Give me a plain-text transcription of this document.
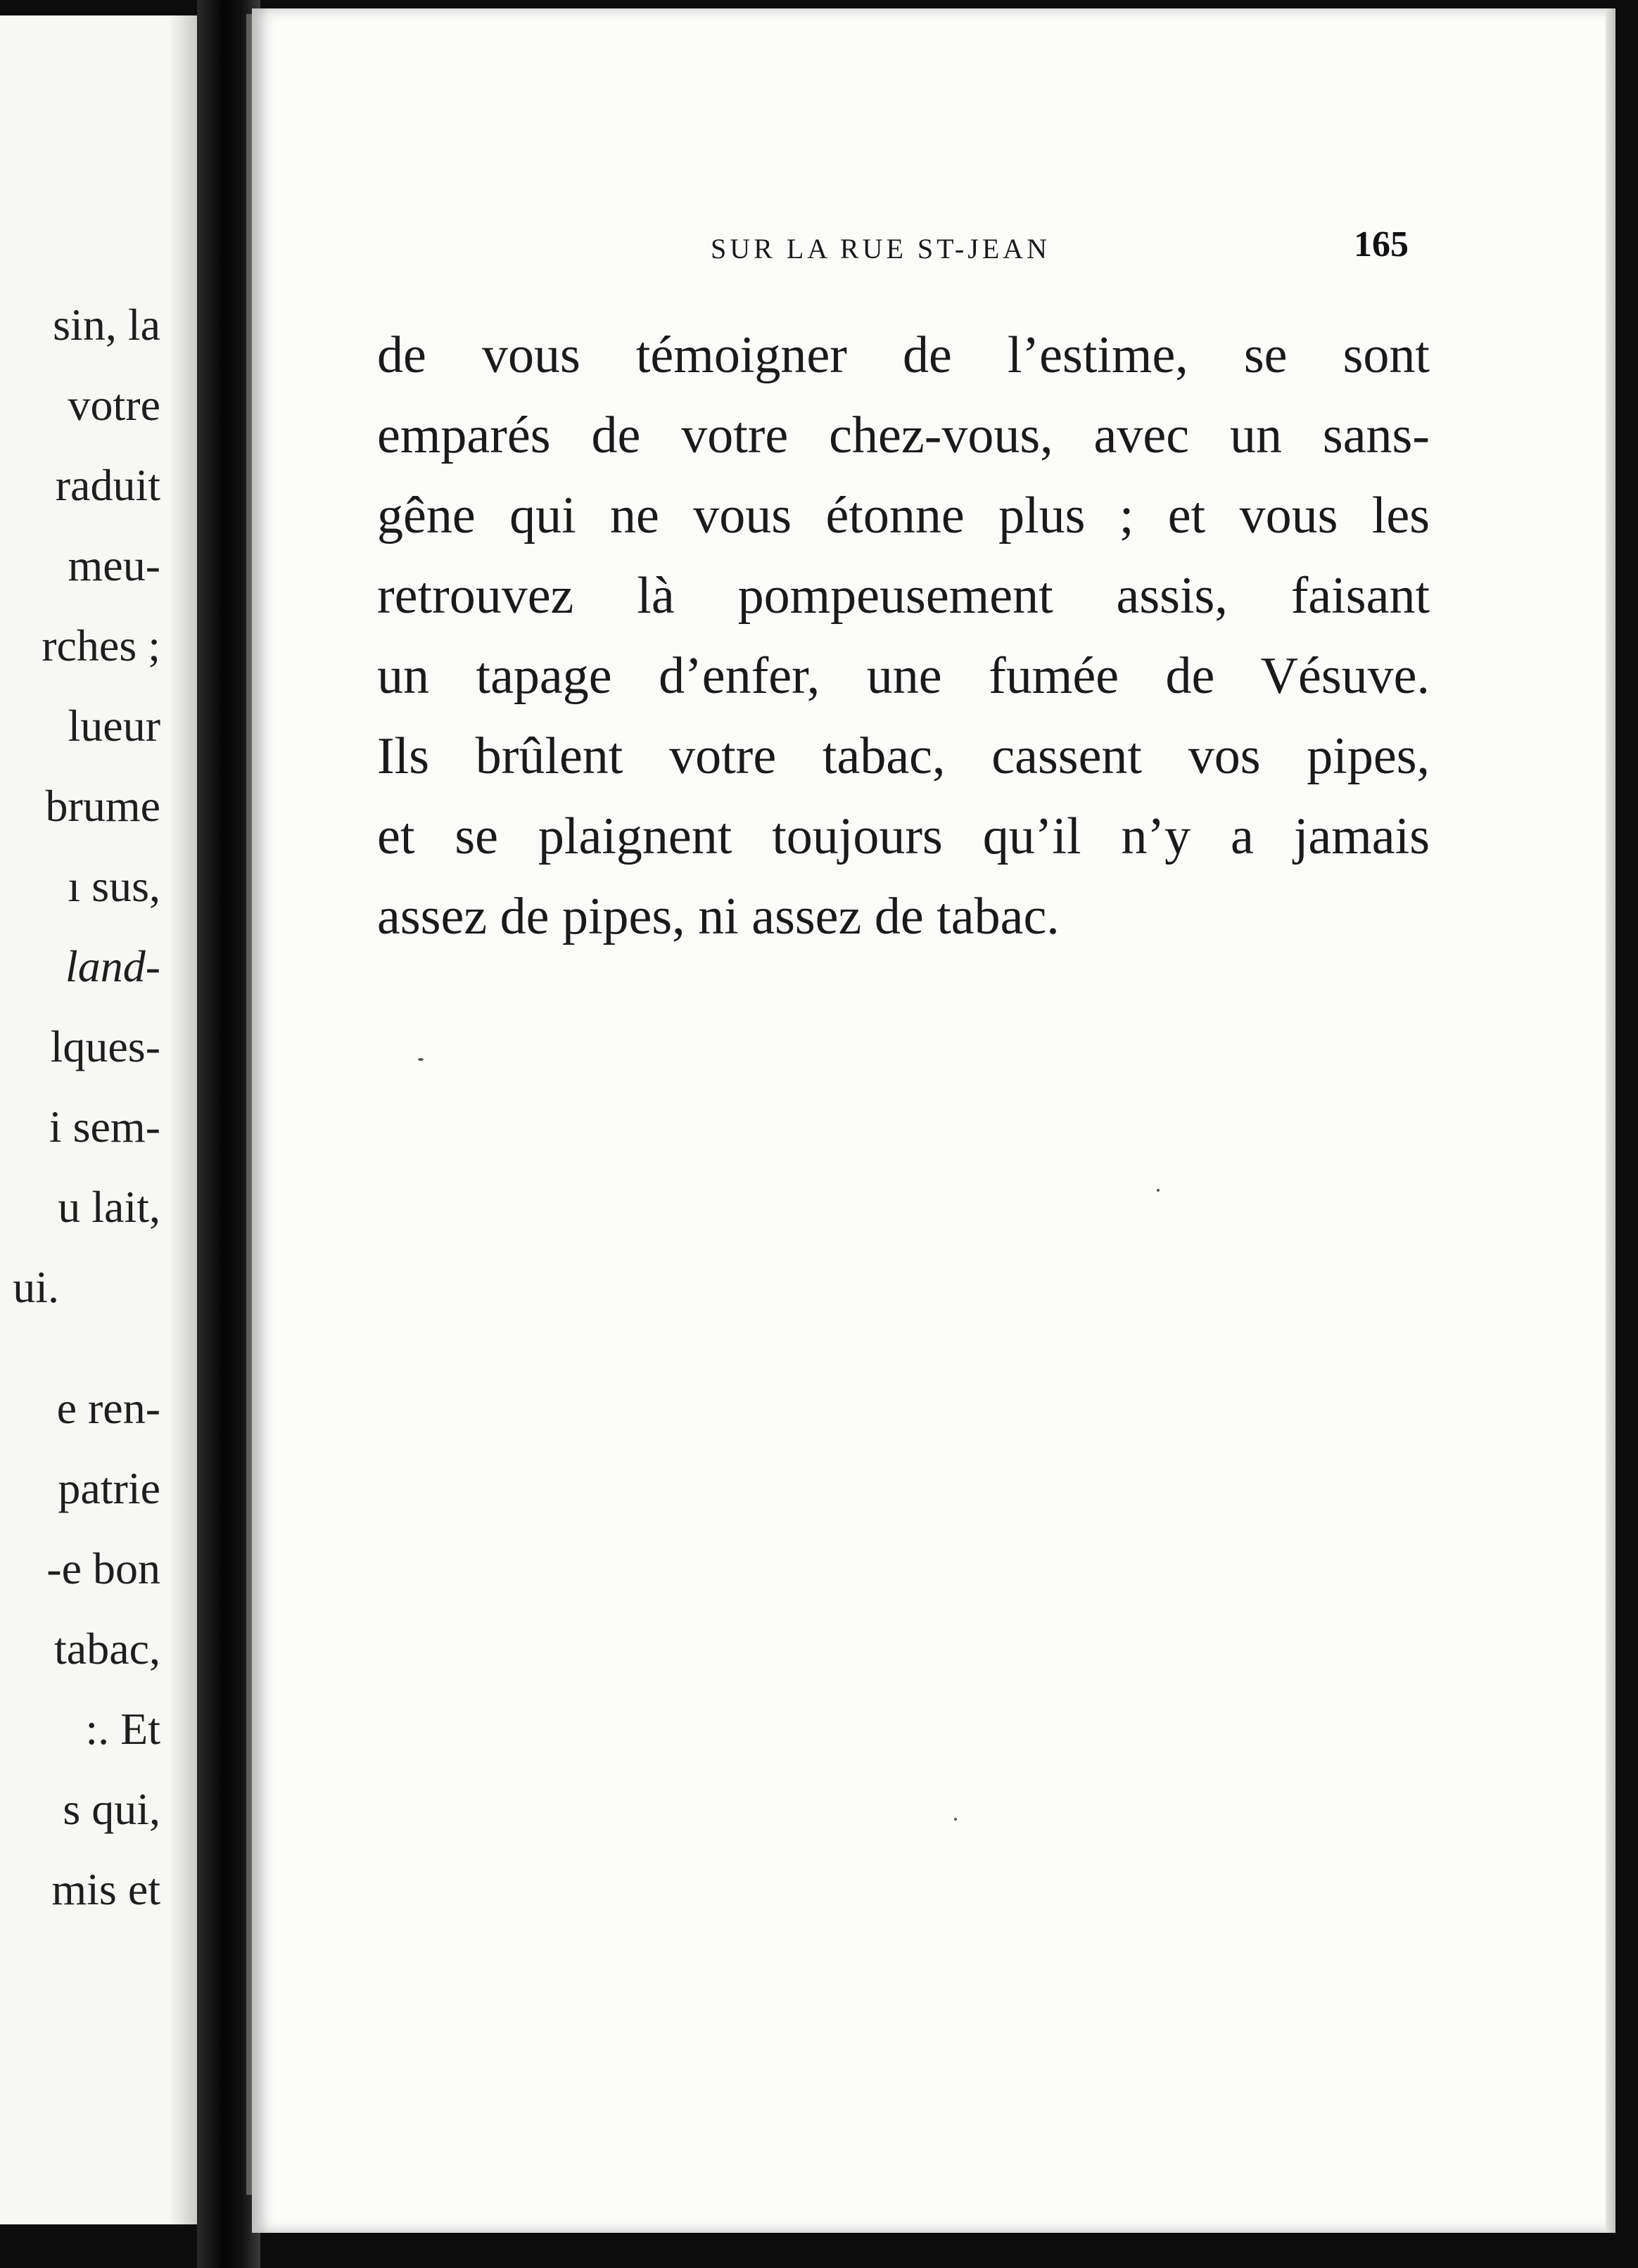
sin, la
votre
raduit
meu-
rches ;
lueur
brume
ı sus,
land-
lques-
i sem-
u lait,
ui.
e ren-
patrie
-e bon
tabac,
:. Et
s qui,
mis et
SUR LA RUE ST-JEAN	165
de vous témoigner de l’estime, se sont
emparés de votre chez-vous, avec un sans-
gêne qui ne vous étonne plus ; et vous les
retrouvez là pompeusement assis, faisant
un tapage d’enfer, une fumée de Vésuve.
Ils brûlent votre tabac, cassent vos pipes,
et se plaignent toujours qu’il n’y a jamais
assez de pipes, ni assez de tabac.
